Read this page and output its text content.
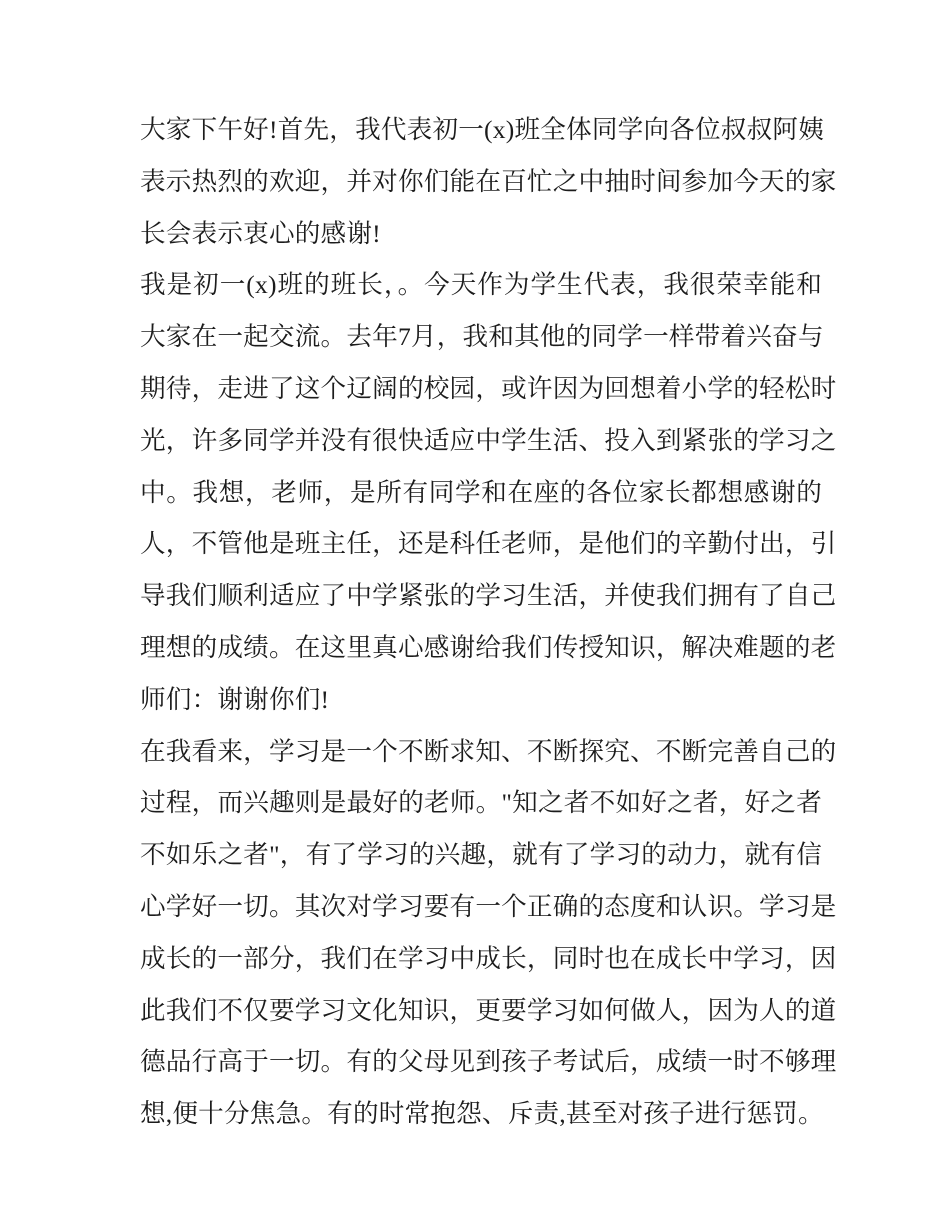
大家下午好!首先，我代表初一(x)班全体同学向各位叔叔阿姨
表示热烈的欢迎，并对你们能在百忙之中抽时间参加今天的家
长会表示衷心的感谢!
我是初一(x)班的班长，。今天作为学生代表，我很荣幸能和
大家在一起交流。去年7月，我和其他的同学一样带着兴奋与
期待，走进了这个辽阔的校园，或许因为回想着小学的轻松时
光，许多同学并没有很快适应中学生活、投入到紧张的学习之
中。我想，老师，是所有同学和在座的各位家长都想感谢的
人，不管他是班主任，还是科任老师，是他们的辛勤付出，引
导我们顺利适应了中学紧张的学习生活，并使我们拥有了自己
理想的成绩。在这里真心感谢给我们传授知识，解决难题的老
师们：谢谢你们!
在我看来，学习是一个不断求知、不断探究、不断完善自己的
过程，而兴趣则是最好的老师。"知之者不如好之者，好之者
不如乐之者"，有了学习的兴趣，就有了学习的动力，就有信
心学好一切。其次对学习要有一个正确的态度和认识。学习是
成长的一部分，我们在学习中成长，同时也在成长中学习，因
此我们不仅要学习文化知识，更要学习如何做人，因为人的道
德品行高于一切。有的父母见到孩子考试后，成绩一时不够理
想,便十分焦急。有的时常抱怨、斥责,甚至对孩子进行惩罚。
